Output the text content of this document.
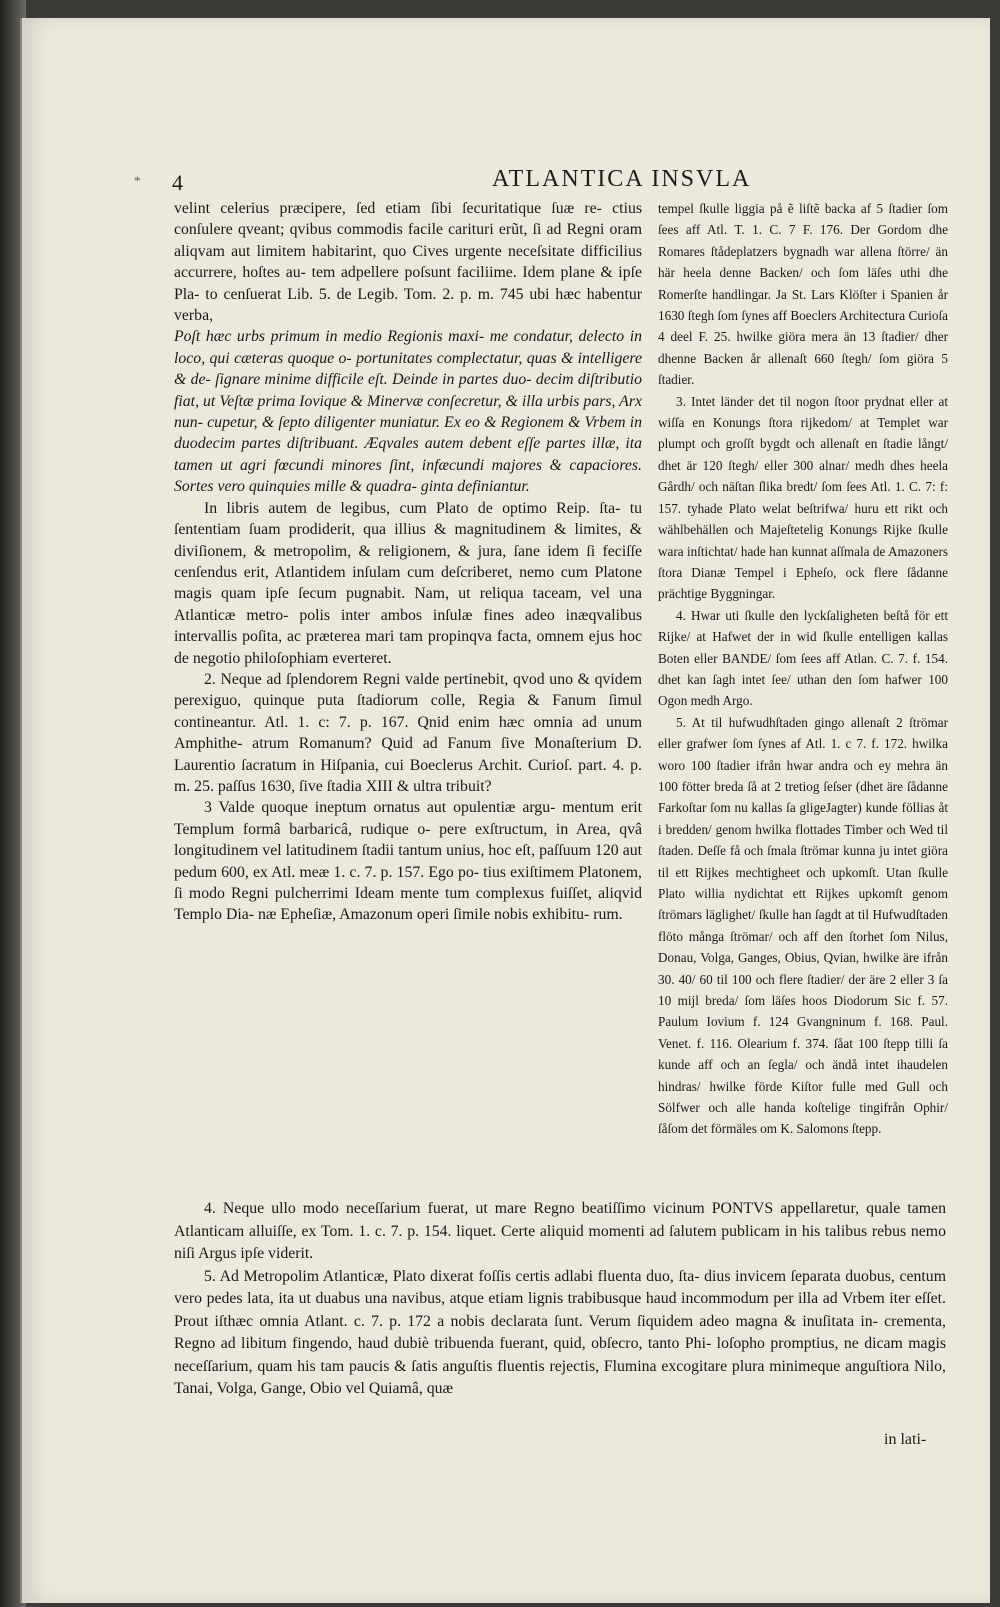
* 4	ATLANTICA INSVLA

velint celerius præcipere, ſed etiam ſibi ſecuritatique ſuæ re- ctius conſulere qveant; qvibus commodis facile carituri erũt, ſi ad Regni oram aliqvam aut limitem habitarint, quo Cives urgente neceſsitate difficilius accurrere, hoſtes au- tem adpellere poſsunt faciliime. Idem plane & ipſe Pla- to cenſuerat Lib. 5. de Legib. Tom. 2. p. m. 745 ubi hæc habentur verba,

Poſt hæc urbs primum in medio Regionis maxi- me condatur, delecto in loco, qui cæteras quoque o- portunitates complectatur, quas & intelligere & de- ſignare minime difficile eſt. Deinde in partes duo- decim diſtributio fiat, ut Veſtæ prima Iovique & Minervæ conſecretur, & illa urbis pars, Arx nun- cupetur, & ſepto diligenter muniatur. Ex eo & Regionem & Vrbem in duodecim partes diſtribuant. Æqvales autem debent eſſe partes illæ, ita tamen ut agri fœcundi minores ſint, infæcundi majores & capaciores. Sortes vero quinquies mille & quadra- ginta definiantur.

In libris autem de legibus, cum Plato de optimo Reip. ſta- tu ſententiam ſuam prodiderit, qua illius & magnitudinem & limites, & diviſionem, & metropolim, & religionem, & jura, ſane idem ſi feciſſe cenſendus erit, Atlantidem inſulam cum deſcriberet, nemo cum Platone magis quam ipſe ſecum pugnabit. Nam, ut reliqua taceam, vel una Atlanticæ metro- polis inter ambos inſulæ fines adeo inæqvalibus intervallis poſita, ac præterea mari tam propinqva facta, omnem ejus hoc de negotio philoſophiam everteret.

2. Neque ad ſplendorem Regni valde pertinebit, qvod uno & qvidem perexiguo, quinque puta ſtadiorum colle, Regia & Fanum ſimul contineantur. Atl. 1. c: 7. p. 167. Qnid enim hæc omnia ad unum Amphithe- atrum Romanum? Quid ad Fanum ſive Monaſterium D. Laurentio ſacratum in Hiſpania, cui Boeclerus Archit. Curioſ. part. 4. p. m. 25. paſſus 1630, ſive ſtadia XIII & ultra tribuit?

3 Valde quoque ineptum ornatus aut opulentiæ argu- mentum erit Templum formâ barbaricâ, rudique o- pere exſtructum, in Area, qvâ longitudinem vel latitudinem ſtadii tantum unius, hoc eſt, paſſuum 120 aut pedum 600, ex Atl. meæ 1. c. 7. p. 157. Ego po- tius exiſtimem Platonem, ſi modo Regni pulcherrimi Ideam mente tum complexus fuiſſet, aliqvid Templo Dia- næ Epheſiæ, Amazonum operi ſimile nobis exhibitu- rum.

tempel ſkulle liggia på ẽ liſtẽ backa af 5 ſtadier ſom ſees aff Atl. T. 1. C. 7 F. 176. Der Gordom dhe Romares ſtådeplatzers bygnadh war allena ſtörre/ än här heela denne Backen/ och ſom läſes uthi dhe Romerſte handlingar. Ja St. Lars Klöſter i Spanien år 1630 ſtegh ſom ſynes aff Boeclers Architectura Curioſa 4 deel F. 25. hwilke giöra mera än 13 ſtadier/ dher dhenne Backen år allenaſt 660 ſtegh/ ſom giöra 5 ſtadier.

3. Intet länder det til nogon ſtoor prydnat eller at wiſſa en Konungs ſtora rijkedom/ at Templet war plumpt och groſſt bygdt och allenaſt en ſtadie långt/ dhet är 120 ſtegh/ eller 300 alnar/ medh dhes heela Gårdh/ och näſtan ſlika bredt/ ſom ſees Atl. 1. C. 7: f: 157. tyhade Plato welat beſtrifwa/ huru ett rikt och wählbehällen och Majeſtetelig Konungs Rijke ſkulle wara inſtichtat/ hade han kunnat aſſmala de Amazoners ſtora Dianæ Tempel i Epheſo, ock flere ſådanne prächtige Byggningar.

4. Hwar uti ſkulle den lyckſaligheten beſtå för ett Rijke/ at Hafwet der in wid ſkulle entelligen kallas Boten eller BANDE/ ſom ſees aff Atlan. C. 7. f. 154. dhet kan ſagh intet ſee/ uthan den ſom hafwer 100 Ogon medh Argo.

5. At til hufwudhſtaden gingo allenaſt 2 ſtrömar eller grafwer ſom ſynes af Atl. 1. c 7. f. 172. hwilka woro 100 ſtadier ifrån hwar andra och ey mehra än 100 fötter breda ſå at 2 tretiog ſeſser (dhet äre ſådanne Farkoſtar ſom nu kallas ſa gligeJagter) kunde föllias åt i bredden/ genom hwilka flottades Timber och Wed til ſtaden. Deſſe få och ſmala ſtrömar kunna ju intet giöra til ett Rijkes mechtigheet och upkomſt. Utan ſkulle Plato willia nydichtat ett Rijkes upkomſt genom ſtrömars läglighet/ ſkulle han ſagdt at til Hufwudſtaden flöto många ſtrömar/ och aff den ſtorhet ſom Nilus, Donau, Volga, Ganges, Obius, Qvian, hwilke äre ifrån 30. 40/ 60 til 100 och flere ſtadier/ der äre 2 eller 3 ſa 10 mijl breda/ ſom läſes hoos Diodorum Sic f. 57. Paulum Iovium f. 124 Gvangninum f. 168. Paul. Venet. f. 116. Olearium f. 374. ſåat 100 ſtepp tilli ſa kunde aff och an ſegla/ och ändå intet ihaudelen hindras/ hwilke förde Kiſtor fulle med Gull och Sölfwer och alle handa koſtelige tingifrån Ophir/ ſåſom det förmäles om K. Salomons ſtepp.

4. Neque ullo modo neceſſarium fuerat, ut mare Regno beatiſſimo vicinum PONTVS appellaretur, quale tamen Atlanticam alluiſſe, ex Tom. 1. c. 7. p. 154. liquet. Certe aliquid momenti ad ſalutem publicam in his talibus rebus nemo niſi Argus ipſe viderit.

5. Ad Metropolim Atlanticæ, Plato dixerat foſſis certis adlabi fluenta duo, ſta- dius invicem ſeparata duobus, centum vero pedes lata, ita ut duabus una navibus, atque etiam lignis trabibusque haud incommodum per illa ad Vrbem iter eſſet. Prout iſthæc omnia Atlant. c. 7. p. 172 a nobis declarata ſunt. Verum ſiquidem adeo magna & inuſitata in- crementa, Regno ad libitum fingendo, haud dubiè tribuenda fuerant, quid, obſecro, tanto Phi- loſopho promptius, ne dicam magis neceſſarium, quam his tam paucis & ſatis anguſtis fluentis rejectis, Flumina excogitare plura minimeque anguſtiora Nilo, Tanai, Volga, Gange, Obio vel Quiamâ, quæ

in lati-
